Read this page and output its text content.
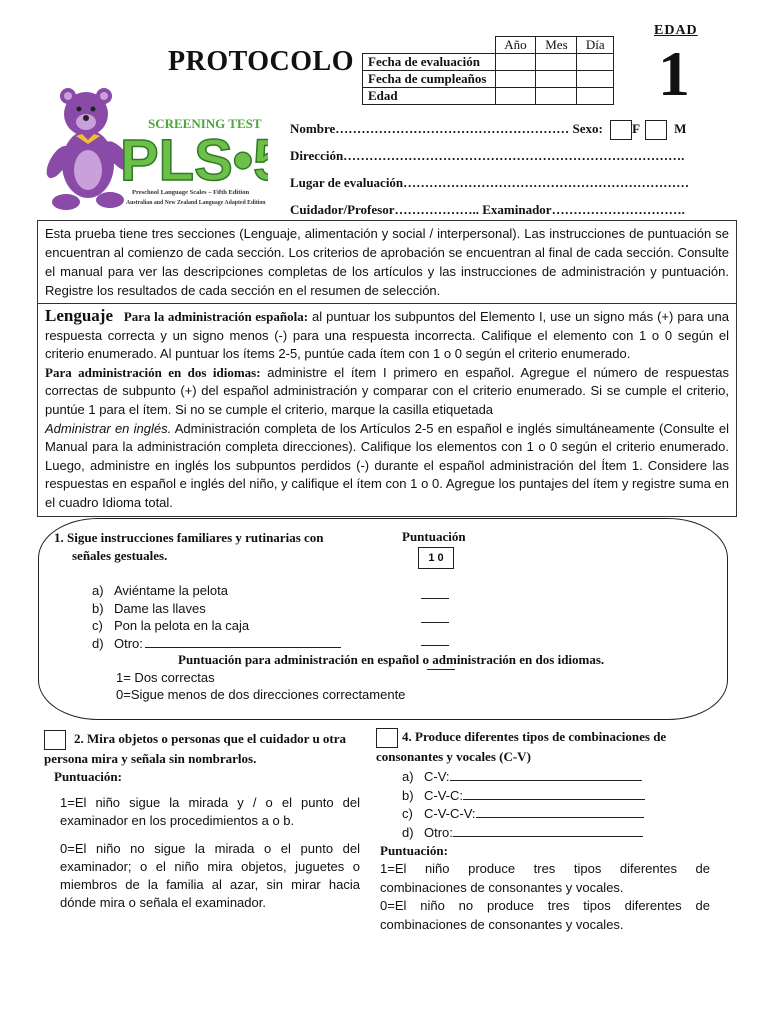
PROTOCOLO
	Año	Mes	Día
Fecha de evaluación			
Fecha de cumpleaños			
Edad			
EDAD
1
SCREENING TEST
PLS•
Preschool Language Scales – Fifth Edition
Australian and New Zealand Language Adapted Edition
Nombre……………………………………………… Sexo: F	M
Dirección…………………………………………………………………….
Lugar de evaluación…………………………………………………………
Cuidador/Profesor……………….. Examinador………………………….

Esta prueba tiene tres secciones (Lenguaje, alimentación y social / interpersonal). Las instrucciones de puntuación se encuentran al comienzo de cada sección. Los criterios de aprobación se encuentran al final de cada sección. Consulte el manual para ver las descripciones completas de los artículos y las instrucciones de administración y puntuación. Registre los resultados de cada sección en el resumen de selección.

Lenguaje Para la administración española: al puntuar los subpuntos del Elemento I, use un signo más (+) para una respuesta correcta y un signo menos (-) para una respuesta incorrecta. Califique el elemento con 1 o 0 según el criterio enumerado. Al puntuar los ítems 2-5, puntúe cada ítem con 1 o 0 según el criterio enumerado.

Para administración en dos idiomas: administre el ítem I primero en español. Agregue el número de respuestas correctas de subpunto (+) del español administración y comparar con el criterio enumerado. Si se cumple el criterio, puntúe 1 para el ítem. Si no se cumple el criterio, marque la casilla etiquetada

Administrar en inglés. Administración completa de los Artículos 2-5 en español e inglés simultáneamente (Consulte el Manual para la administración completa direcciones). Califique los elementos con 1 o 0 según el criterio enumerado. Luego, administre en inglés los subpuntos perdidos (-) durante el español administración del Ítem 1. Considere las respuestas en español e inglés del niño, y califique el ítem con 1 o 0. Agregue los puntajes del ítem y registre suma en el cuadro Idioma total.

1. Sigue instrucciones familiares y rutinarias con
señales gestuales.
Puntuación
1 0
a) Aviéntame la pelota
b) Dame las llaves
c) Pon la pelota en la caja
d) Otro:

Puntuación para administración en español o administración en dos idiomas.
1= Dos correctas
0=Sigue menos de dos direcciones correctamente
2. Mira objetos o personas que el cuidador u otra persona mira y señala sin nombrarlos.
Puntuación:
1=El niño sigue la mirada y / o el punto del examinador en los procedimientos a o b.
0=El niño no sigue la mirada o el punto del examinador; o el niño mira objetos, juguetes o miembros de la familia al azar, sin mirar hacia dónde mira o señala el examinador.
4. Produce diferentes tipos de combinaciones de consonantes y vocales (C-V)
a) C-V:
b) C-V-C:
c) C-V-C-V:
d) Otro:
Puntuación:
1=El niño produce tres tipos diferentes de combinaciones de consonantes y vocales.
0=El niño no produce tres tipos diferentes de combinaciones de consonantes y vocales.
